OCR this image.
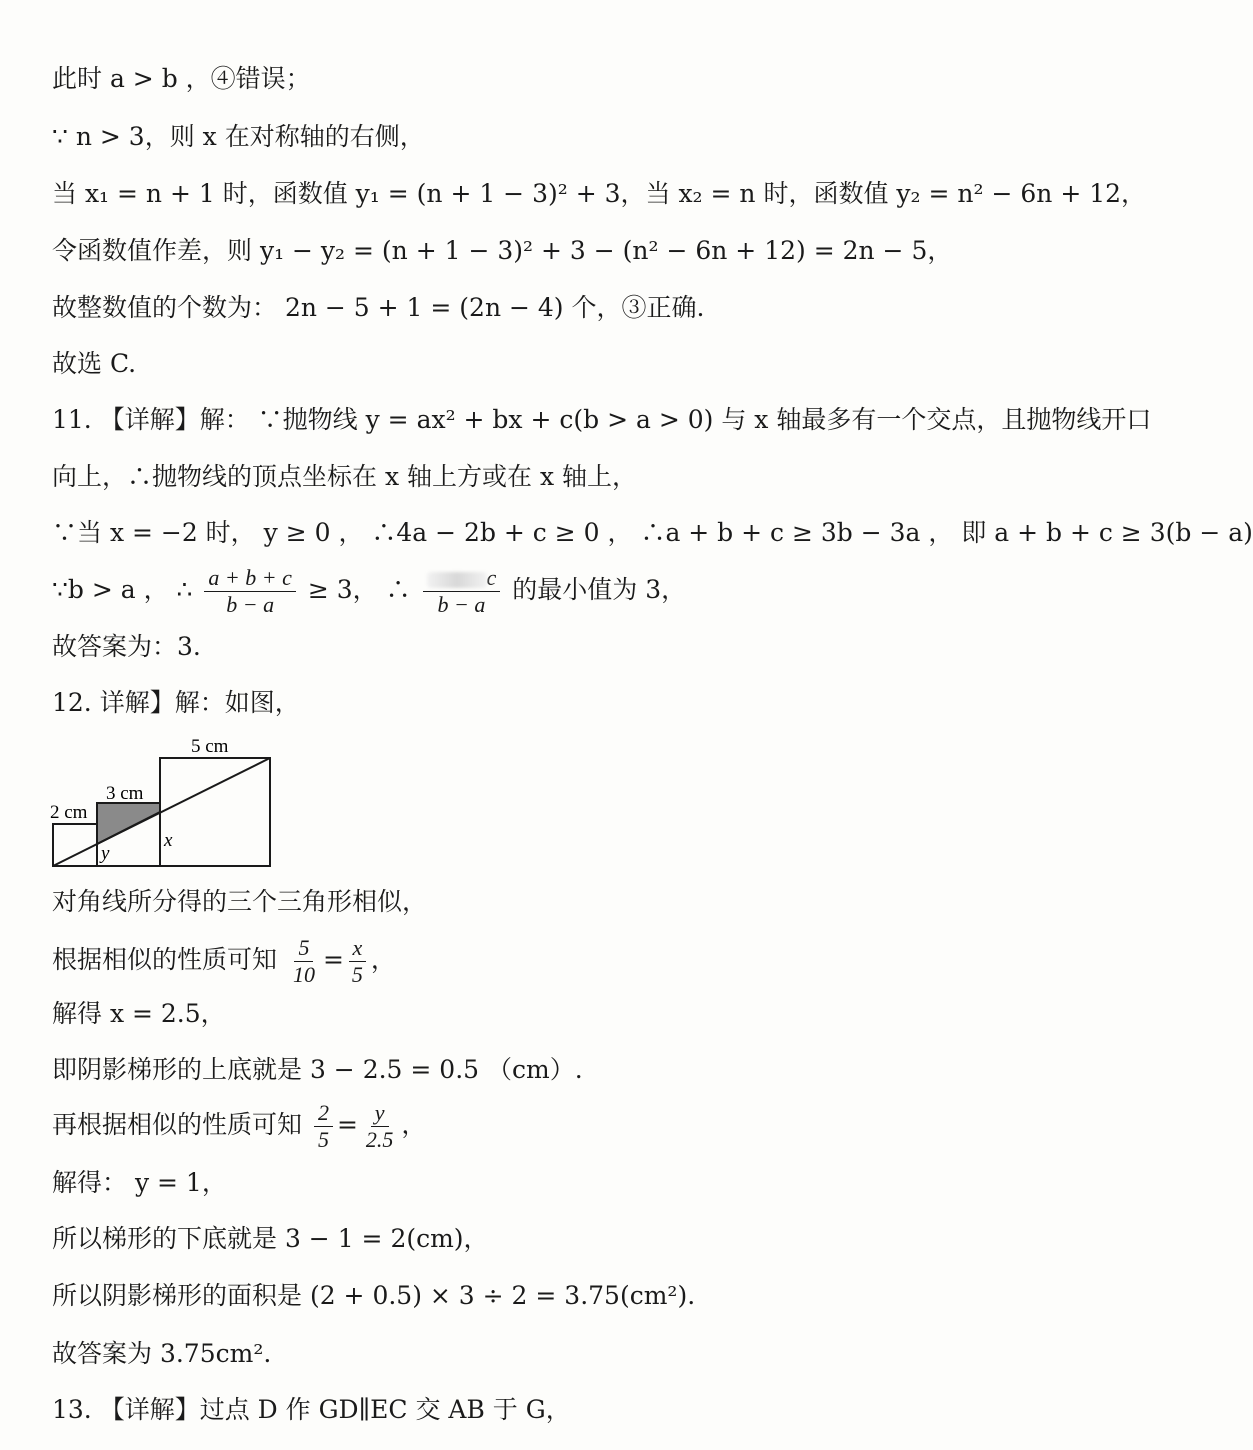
此时 a > b ，④错误；
∵ n > 3，则 x 在对称轴的右侧，
当 x₁ = n + 1 时，函数值 y₁ = (n + 1 − 3)² + 3，当 x₂ = n 时，函数值 y₂ = n² − 6n + 12，
令函数值作差，则 y₁ − y₂ = (n + 1 − 3)² + 3 − (n² − 6n + 12) = 2n − 5，
故整数值的个数为： 2n − 5 + 1 = (2n − 4) 个，③正确.
故选 C.
11. 【详解】解： ∵抛物线 y = ax² + bx + c(b > a > 0) 与 x 轴最多有一个交点，且抛物线开口
向上，∴抛物线的顶点坐标在 x 轴上方或在 x 轴上，
∵当 x = −2 时， y ≥ 0 ， ∴4a − 2b + c ≥ 0 ， ∴a + b + c ≥ 3b − 3a ， 即 a + b + c ≥ 3(b − a)
∵b > a ， ∴ $\frac{a + b + c}{b - a} \ge 3$， ∴ $\frac{c}{b - a}$ 的最小值为 3，
故答案为：3.
12. 详解】解：如图，
5 cm
3 cm
2 cm
x
y
对角线所分得的三个三角形相似，
根据相似的性质可知 $\frac{5}{10} = \frac{x}{5}$ ，
解得 x = 2.5，
即阴影梯形的上底就是 3 − 2.5 = 0.5 （cm）.
再根据相似的性质可知 $\frac{2}{5} = \frac{y}{2.5}$ ，
解得： y = 1，
所以梯形的下底就是 3 − 1 = 2(cm)，
所以阴影梯形的面积是 (2 + 0.5) × 3 ÷ 2 = 3.75(cm²).
故答案为 3.75cm².
13. 【详解】过点 D 作 GD∥EC 交 AB 于 G，
